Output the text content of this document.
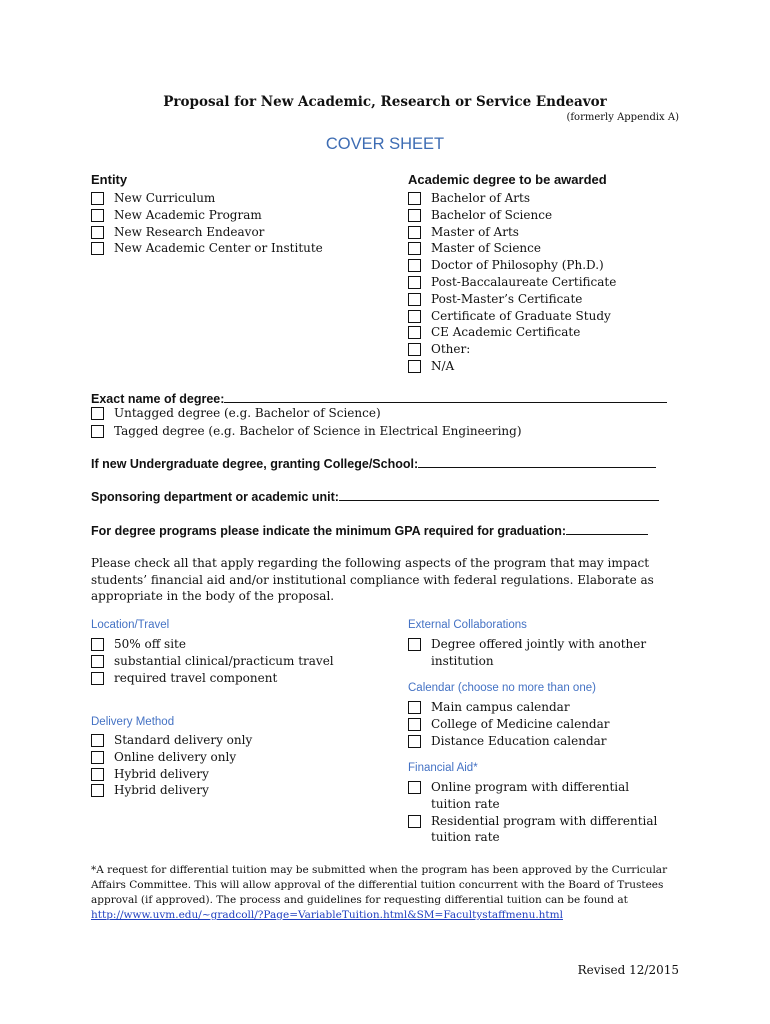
Proposal for New Academic, Research or Service Endeavor
(formerly Appendix A)
COVER SHEET
Entity
New Curriculum
New Academic Program
New Research Endeavor
New Academic Center or Institute
Academic degree to be awarded
Bachelor of Arts
Bachelor of Science
Master of Arts
Master of Science
Doctor of Philosophy (Ph.D.)
Post-Baccalaureate Certificate
Post-Master’s Certificate
Certificate of Graduate Study
CE Academic Certificate
Other:
N/A
Exact name of degree:
Untagged degree (e.g. Bachelor of Science)
Tagged degree (e.g. Bachelor of Science in Electrical Engineering)
If new Undergraduate degree, granting College/School:
Sponsoring department or academic unit:
For degree programs please indicate the minimum GPA required for graduation:
Please check all that apply regarding the following aspects of the program that may impact students’ financial aid and/or institutional compliance with federal regulations. Elaborate as appropriate in the body of the proposal.
Location/Travel
50% off site
substantial clinical/practicum travel
required travel component
Delivery Method
Standard delivery only
Online delivery only
Hybrid delivery
Hybrid delivery
External Collaborations
Degree offered jointly with another institution
Calendar (choose no more than one)
Main campus calendar
College of Medicine calendar
Distance Education calendar
Financial Aid*
Online program with differential tuition rate
Residential program with differential tuition rate
*A request for differential tuition may be submitted when the program has been approved by the Curricular Affairs Committee. This will allow approval of the differential tuition concurrent with the Board of Trustees approval (if approved). The process and guidelines for requesting differential tuition can be found at http://www.uvm.edu/~gradcoll/?Page=VariableTuition.html&SM=Facultystaffmenu.html
Revised 12/2015
